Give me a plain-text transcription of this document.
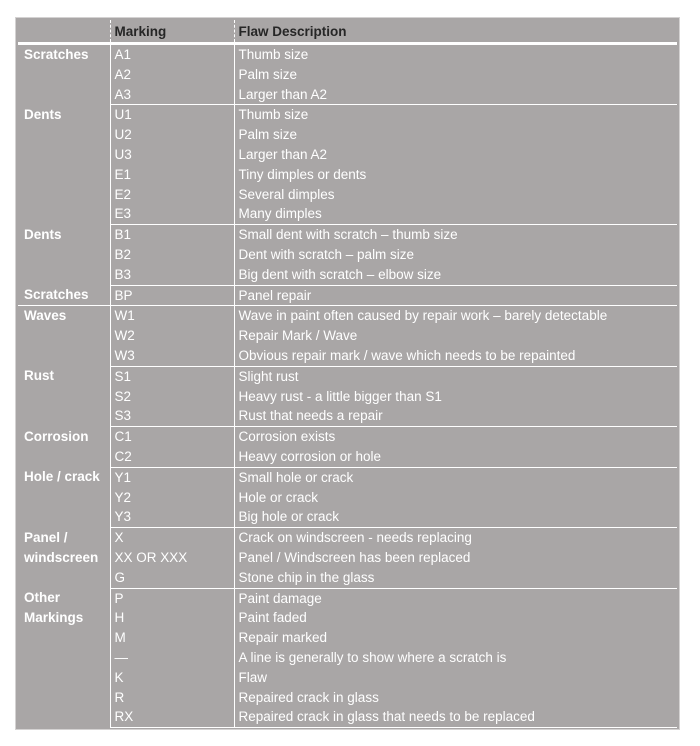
	Marking	Flaw Description
Scratches	A1	Thumb size
	A2	Palm size
	A3	Larger than A2
Dents	U1	Thumb size
	U2	Palm size
	U3	Larger than A2
	E1	Tiny dimples or dents
	E2	Several dimples
	E3	Many dimples
Dents	B1	Small dent with scratch – thumb size
	B2	Dent with scratch – palm size
	B3	Big dent with scratch – elbow size
Scratches	BP	Panel repair
Waves	W1	Wave in paint often caused by repair work – barely detectable
	W2	Repair Mark / Wave
	W3	Obvious repair mark / wave which needs to be repainted
Rust	S1	Slight rust
	S2	Heavy rust - a little bigger than S1
	S3	Rust that needs a repair
Corrosion	C1	Corrosion exists
	C2	Heavy corrosion or hole
Hole / crack	Y1	Small hole or crack
	Y2	Hole or crack
	Y3	Big hole or crack
Panel / windscreen	X	Crack on windscreen - needs replacing
	XX OR XXX	Panel / Windscreen has been replaced
	G	Stone chip in the glass
Other Markings	P	Paint damage
	H	Paint faded
	M	Repair marked
	—	A line is generally to show where a scratch is
	K	Flaw
	R	Repaired crack in glass
	RX	Repaired crack in glass that needs to be replaced
